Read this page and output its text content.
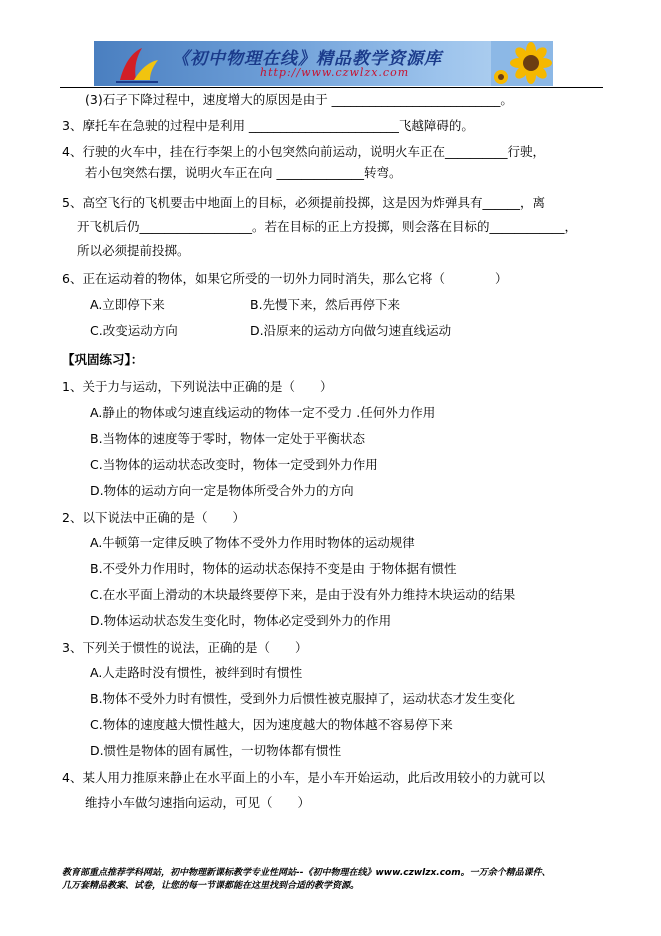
《初中物理在线》精品教学资源库
http://www.czwlzx.com
(3)石子下降过程中，速度增大的原因是由于 ___________________________。
3、摩托车在急驶的过程中是利用 ________________________飞越障碍的。
4、行驶的火车中，挂在行李架上的小包突然向前运动，说明火车正在__________行驶，
若小包突然右摆，说明火车正在向 ______________转弯。
5、高空飞行的飞机要击中地面上的目标，必须提前投掷，这是因为炸弹具有______，离
开飞机后仍__________________。若在目标的正上方投掷，则会落在目标的____________，
所以必须提前投掷。
6、正在运动着的物体，如果它所受的一切外力同时消失，那么它将（　　　　）
A.立即停下来	B.先慢下来，然后再停下来
C.改变运动方向	D.沿原来的运动方向做匀速直线运动
【巩固练习】：
1、关于力与运动，下列说法中正确的是（　　）
A.静止的物体或匀速直线运动的物体一定不受力 .任何外力作用
B.当物体的速度等于零时，物体一定处于平衡状态
C.当物体的运动状态改变时，物体一定受到外力作用
D.物体的运动方向一定是物体所受合外力的方向
2、以下说法中正确的是（　　）
A.牛顿第一定律反映了物体不受外力作用时物体的运动规律
B.不受外力作用时，物体的运动状态保持不变是由 于物体据有惯性
C.在水平面上滑动的木块最终要停下来，是由于没有外力维持木块运动的结果
D.物体运动状态发生变化时，物体必定受到外力的作用
3、下列关于惯性的说法，正确的是（　　）
A.人走路时没有惯性，被绊到时有惯性
B.物体不受外力时有惯性，受到外力后惯性被克服掉了，运动状态才发生变化
C.物体的速度越大惯性越大，因为速度越大的物体越不容易停下来
D.惯性是物体的固有属性，一切物体都有惯性
4、某人用力推原来静止在水平面上的小车，是小车开始运动，此后改用较小的力就可以
维持小车做匀速指向运动，可见（　　）
教育部重点推荐学科网站，初中物理新课标教学专业性网站--《初中物理在线》www.czwlzx.com。一万余个精品课件、
几万套精品教案、试卷，让您的每一节课都能在这里找到合适的教学资源。
